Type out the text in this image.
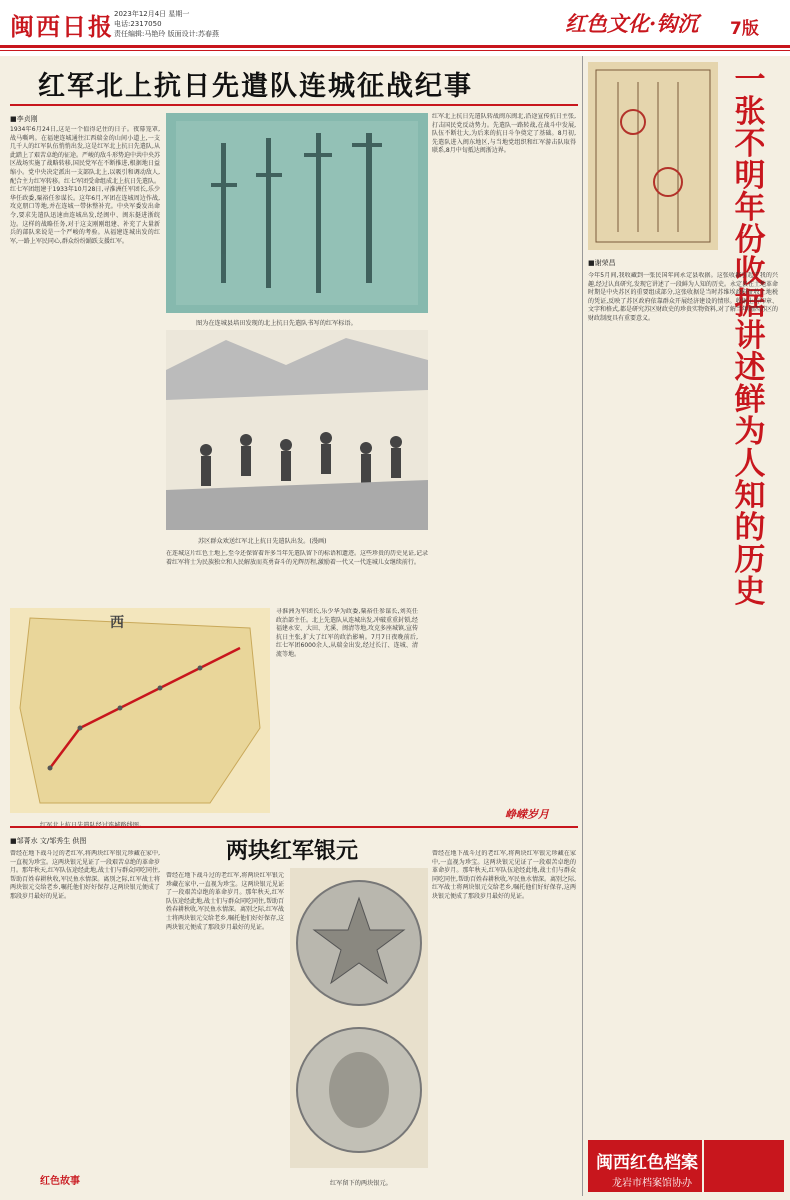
闽西日报 2023年12月4日 星期一
电话:2317050
责任编辑:马艳玲 版面设计:苏春燕	红色文化·钩沉 7版
红军北上抗日先遣队连城征战纪事
■李贞刚
1934年6月24日,这是一个值得记住的日子。夜幕笼罩,战马嘶鸣。在福建连城通往江西瑞金的山间小道上,一支几千人的红军队伍悄悄出发,这是红军北上抗日先遣队,从此踏上了艰苦卓绝的征途。严峻的敌斗形势迫中共中央苏区战场实施了战略转移,国民党军在不断推进,根据地日益缩小。党中央决定派出一支部队北上,以吸引和调动敌人,配合主力红军转移。红七军团受命组成北上抗日先遣队。红七军团组建于1933年10月28日,寻淮洲任军团长,乐少华任政委,粟裕任参谋长。这年6月,军团在连城周边作战,攻克朋口等地,并在连城一带休整补充。中央军委发出命令,要求先遣队迅速由连城出发,经闽中、闽东挺进浙皖边。这样的战略任务,对于这支刚刚组建、补充了大量新兵的部队来说是一个严峻的考验。从福建连城出发的红军,一路上军民同心,群众纷纷踊跃支援红军。
图为在连城县培田发现的北上抗日先遣队书写的红军标语。
苏区群众欢送红军北上抗日先遣队出发。(漫画)
西
寻淮洲为军团长,乐少华为政委,粟裕任参谋长,刘英任政治部主任。北上先遣队从连城出发,冲破重重封锁,经福建永安、大田、尤溪、闽清等地,攻克多座城镇,宣传抗日主张,扩大了红军的政治影响。7月7日夜晚前后,红七军团6000余人,从瑞金出发,经过长汀、连城、清流等地。
红军北上抗日先遣队转战闽东闽北,沿途宣传抗日主张,打击国民党反动势力。先遣队一路转战,在战斗中发展,队伍不断壮大,为后来的抗日斗争奠定了基础。8月初,先遣队进入闽东地区,与当地党组织和红军游击队取得联系,8月中旬抵达闽浙边界。
在连城这片红色土地上,至今还保留着许多当年先遣队留下的标语和遗迹。这些珍贵的历史见证,记录着红军将士为民族独立和人民解放而英勇奋斗的光辉历程,激励着一代又一代连城儿女继续前行。
峥嵘岁月
一张不明年份收据讲述鲜为人知的历史
■谢荣昌
今年5月间,我收藏到一张民国年间永定县收据。这张收据引起了我的兴趣,经过认真研究,发现它讲述了一段鲜为人知的历史。永定县在土地革命时期是中央苏区的重要组成部分,这张收据是当时苏维埃政府征收土地税的凭证,反映了苏区政府依靠群众开展经济建设的情形。收据上的印章、文字和格式,都是研究苏区财政史的珍贵实物资料,对了解当年闽西苏区的财政制度具有重要意义。
闽西红色档案
龙岩市档案馆协办
■邹菁水 文/邹秀生 供图	两块红军银元
曾经在地下战斗过的老红军,将两块红军银元珍藏在家中,一直视为珍宝。这两块银元见证了一段艰苦卓绝的革命岁月。那年秋天,红军队伍途经此地,战士们与群众同吃同住,帮助百姓春耕秋收,军民鱼水情深。离别之际,红军战士将两块银元交给老乡,嘱托他们好好保存,这两块银元便成了那段岁月最好的见证。
曾经在地下战斗过的老红军,将两块红军银元珍藏在家中,一直视为珍宝。这两块银元见证了一段艰苦卓绝的革命岁月。那年秋天,红军队伍途经此地,战士们与群众同吃同住,帮助百姓春耕秋收,军民鱼水情深。离别之际,红军战士将两块银元交给老乡,嘱托他们好好保存,这两块银元便成了那段岁月最好的见证。
曾经在地下战斗过的老红军,将两块红军银元珍藏在家中,一直视为珍宝。这两块银元见证了一段艰苦卓绝的革命岁月。那年秋天,红军队伍途经此地,战士们与群众同吃同住,帮助百姓春耕秋收,军民鱼水情深。离别之际,红军战士将两块银元交给老乡,嘱托他们好好保存,这两块银元便成了那段岁月最好的见证。
红军留下的两块银元。
红色故事
